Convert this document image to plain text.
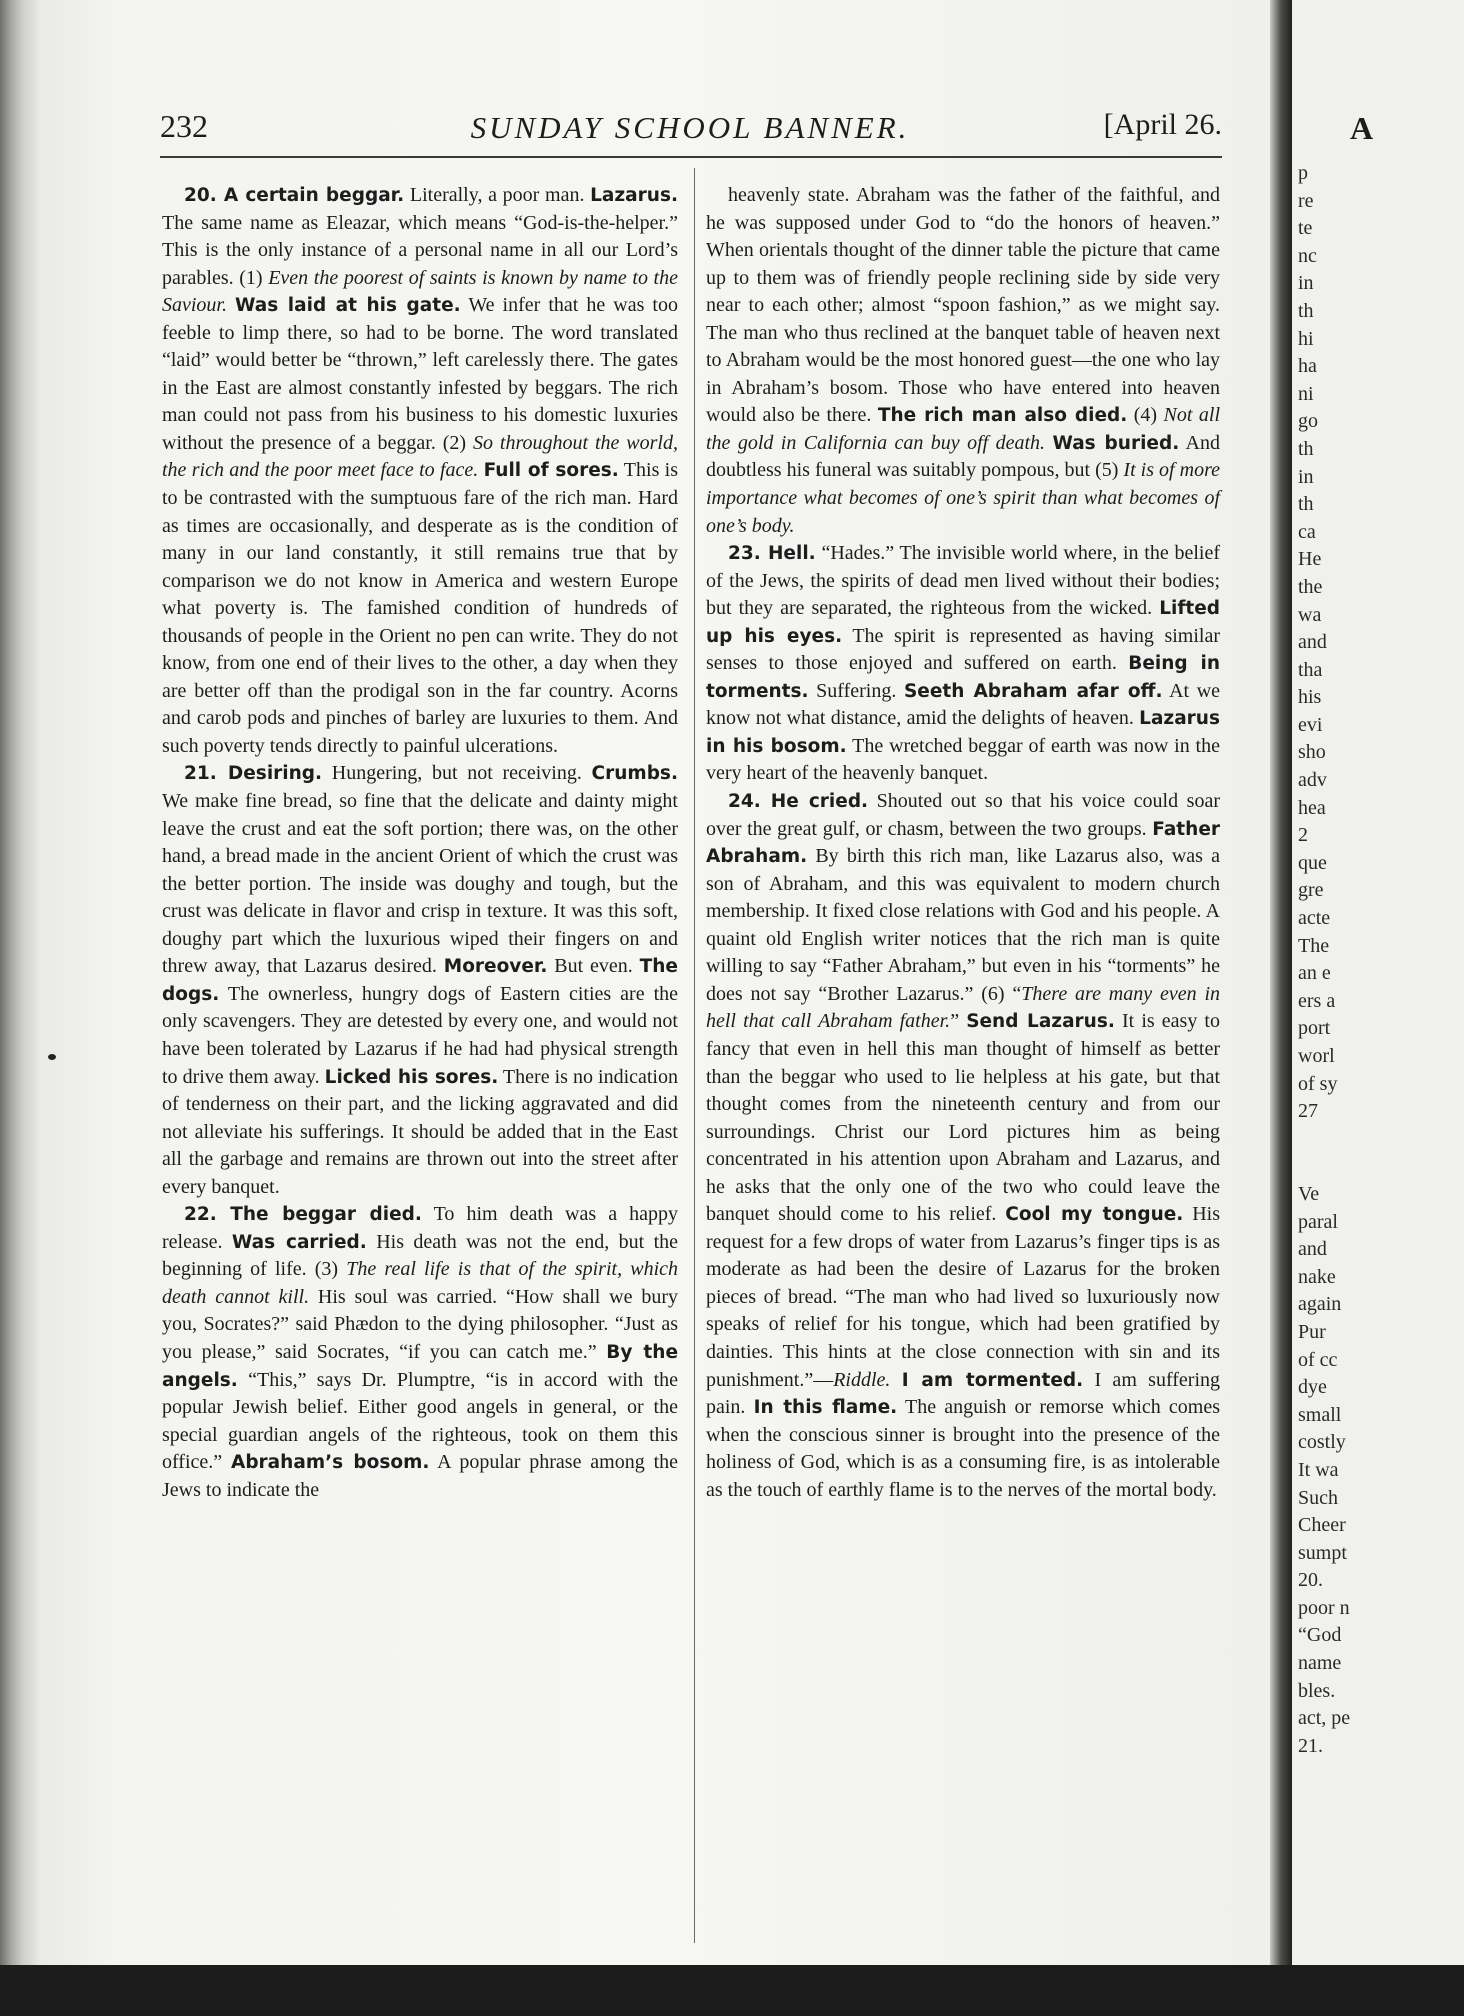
A
p
re
te
nc
in
th
hi
ha
ni
go
th
in
th
ca
He
the
wa
and
tha
his
evi
sho
adv
hea
2
que
gre
acte
The
an e
ers a
port
worl
of sy
27

Ve
paral
and
nake
again
Pur
of cc
dye
small
costly
It wa
Such
Cheer
sumpt
20.
poor n
“God
name
bles.
act, pe
21.
232	SUNDAY SCHOOL BANNER.	[April 26.

20. A certain beggar. Literally, a poor man. Lazarus. The same name as Eleazar, which means “God-is-the-helper.” This is the only instance of a personal name in all our Lord’s parables. (1) Even the poorest of saints is known by name to the Saviour. Was laid at his gate. We infer that he was too feeble to limp there, so had to be borne. The word translated “laid” would better be “thrown,” left carelessly there. The gates in the East are almost constantly infested by beggars. The rich man could not pass from his business to his domestic luxuries without the presence of a beggar. (2) So throughout the world, the rich and the poor meet face to face. Full of sores. This is to be contrasted with the sumptuous fare of the rich man. Hard as times are occasionally, and desperate as is the condition of many in our land constantly, it still remains true that by comparison we do not know in America and western Europe what poverty is. The famished condition of hundreds of thousands of people in the Orient no pen can write. They do not know, from one end of their lives to the other, a day when they are better off than the prodigal son in the far country. Acorns and carob pods and pinches of barley are luxuries to them. And such poverty tends directly to painful ulcerations.

21. Desiring. Hungering, but not receiving. Crumbs. We make fine bread, so fine that the delicate and dainty might leave the crust and eat the soft portion; there was, on the other hand, a bread made in the ancient Orient of which the crust was the better portion. The inside was doughy and tough, but the crust was delicate in flavor and crisp in texture. It was this soft, doughy part which the luxurious wiped their fingers on and threw away, that Lazarus desired. Moreover. But even. The dogs. The ownerless, hungry dogs of Eastern cities are the only scavengers. They are detested by every one, and would not have been tolerated by Lazarus if he had had physical strength to drive them away. Licked his sores. There is no indication of tenderness on their part, and the licking aggravated and did not alleviate his sufferings. It should be added that in the East all the garbage and remains are thrown out into the street after every banquet.

22. The beggar died. To him death was a happy release. Was carried. His death was not the end, but the beginning of life. (3) The real life is that of the spirit, which death cannot kill. His soul was carried. “How shall we bury you, Socrates?” said Phædon to the dying philosopher. “Just as you please,” said Socrates, “if you can catch me.” By the angels. “This,” says Dr. Plumptre, “is in accord with the popular Jewish belief. Either good angels in general, or the special guardian angels of the righteous, took on them this office.” Abraham’s bosom. A popular phrase among the Jews to indicate the

heavenly state. Abraham was the father of the faithful, and he was supposed under God to “do the honors of heaven.” When orientals thought of the dinner table the picture that came up to them was of friendly people reclining side by side very near to each other; almost “spoon fashion,” as we might say. The man who thus reclined at the banquet table of heaven next to Abraham would be the most honored guest—the one who lay in Abraham’s bosom. Those who have entered into heaven would also be there. The rich man also died. (4) Not all the gold in California can buy off death. Was buried. And doubtless his funeral was suitably pompous, but (5) It is of more importance what becomes of one’s spirit than what becomes of one’s body.

23. Hell. “Hades.” The invisible world where, in the belief of the Jews, the spirits of dead men lived without their bodies; but they are separated, the righteous from the wicked. Lifted up his eyes. The spirit is represented as having similar senses to those enjoyed and suffered on earth. Being in torments. Suffering. Seeth Abraham afar off. At we know not what distance, amid the delights of heaven. Lazarus in his bosom. The wretched beggar of earth was now in the very heart of the heavenly banquet.

24. He cried. Shouted out so that his voice could soar over the great gulf, or chasm, between the two groups. Father Abraham. By birth this rich man, like Lazarus also, was a son of Abraham, and this was equivalent to modern church membership. It fixed close relations with God and his people. A quaint old English writer notices that the rich man is quite willing to say “Father Abraham,” but even in his “torments” he does not say “Brother Lazarus.” (6) “There are many even in hell that call Abraham father.” Send Lazarus. It is easy to fancy that even in hell this man thought of himself as better than the beggar who used to lie helpless at his gate, but that thought comes from the nineteenth century and from our surroundings. Christ our Lord pictures him as being concentrated in his attention upon Abraham and Lazarus, and he asks that the only one of the two who could leave the banquet should come to his relief. Cool my tongue. His request for a few drops of water from Lazarus’s finger tips is as moderate as had been the desire of Lazarus for the broken pieces of bread. “The man who had lived so luxuriously now speaks of relief for his tongue, which had been gratified by dainties. This hints at the close connection with sin and its punishment.”—Riddle. I am tormented. I am suffering pain. In this flame. The anguish or remorse which comes when the conscious sinner is brought into the presence of the holiness of God, which is as a consuming fire, is as intolerable as the touch of earthly flame is to the nerves of the mortal body.
